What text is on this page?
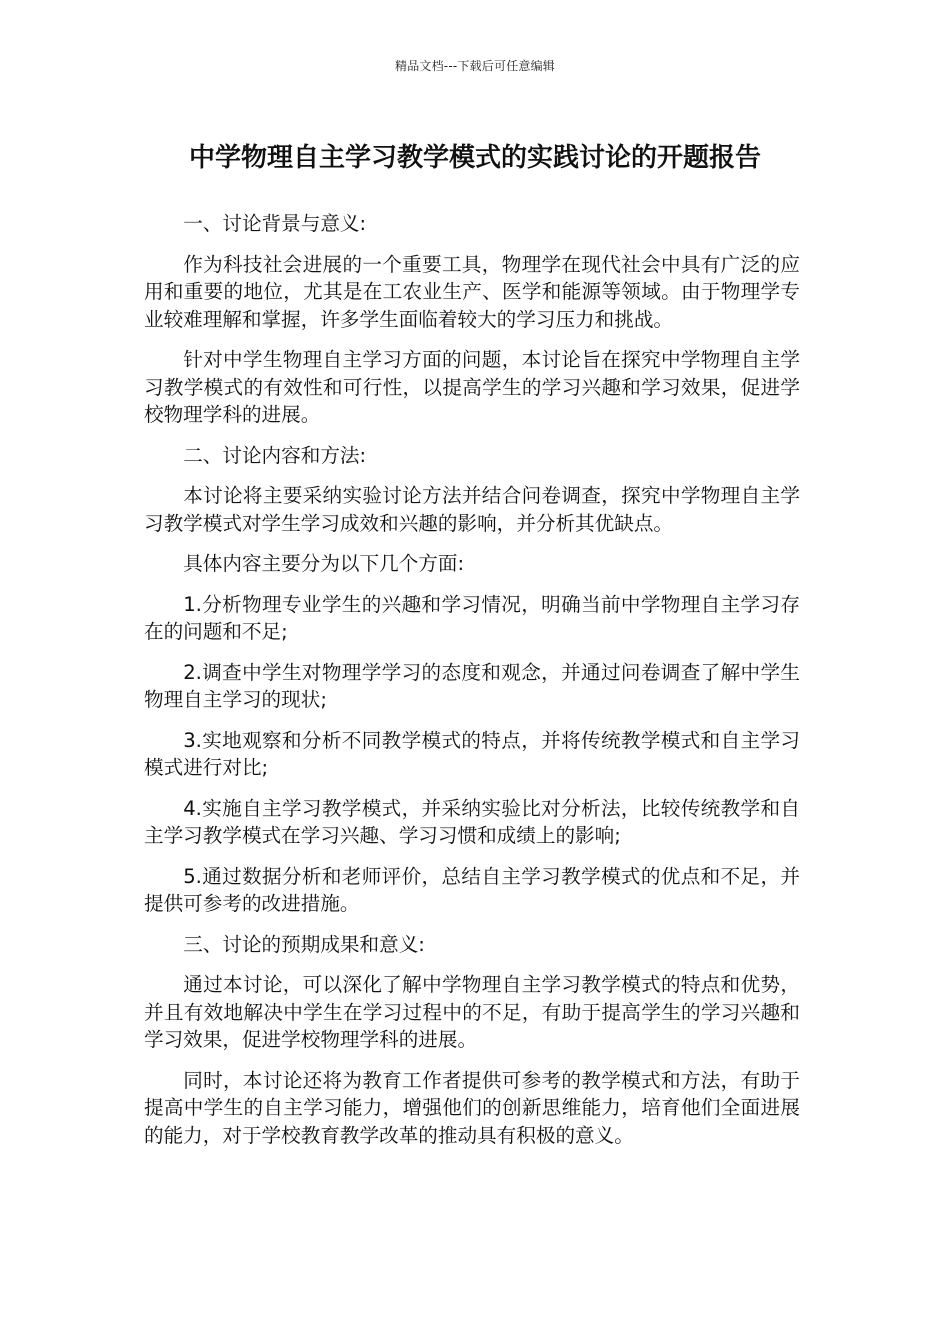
精品文档---下载后可任意编辑
中学物理自主学习教学模式的实践讨论的开题报告

一、讨论背景与意义:

作为科技社会进展的一个重要工具，物理学在现代社会中具有广泛的应用和重要的地位，尤其是在工农业生产、医学和能源等领域。由于物理学专业较难理解和掌握，许多学生面临着较大的学习压力和挑战。

针对中学生物理自主学习方面的问题，本讨论旨在探究中学物理自主学习教学模式的有效性和可行性，以提高学生的学习兴趣和学习效果，促进学校物理学科的进展。

二、讨论内容和方法:

本讨论将主要采纳实验讨论方法并结合问卷调查，探究中学物理自主学习教学模式对学生学习成效和兴趣的影响，并分析其优缺点。

具体内容主要分为以下几个方面:

1.分析物理专业学生的兴趣和学习情况，明确当前中学物理自主学习存在的问题和不足;

2.调查中学生对物理学学习的态度和观念，并通过问卷调查了解中学生物理自主学习的现状;

3.实地观察和分析不同教学模式的特点，并将传统教学模式和自主学习模式进行对比;

4.实施自主学习教学模式，并采纳实验比对分析法，比较传统教学和自主学习教学模式在学习兴趣、学习习惯和成绩上的影响;

5.通过数据分析和老师评价，总结自主学习教学模式的优点和不足，并提供可参考的改进措施。

三、讨论的预期成果和意义:

通过本讨论，可以深化了解中学物理自主学习教学模式的特点和优势，并且有效地解决中学生在学习过程中的不足，有助于提高学生的学习兴趣和学习效果，促进学校物理学科的进展。

同时，本讨论还将为教育工作者提供可参考的教学模式和方法，有助于提高中学生的自主学习能力，增强他们的创新思维能力，培育他们全面进展的能力，对于学校教育教学改革的推动具有积极的意义。
